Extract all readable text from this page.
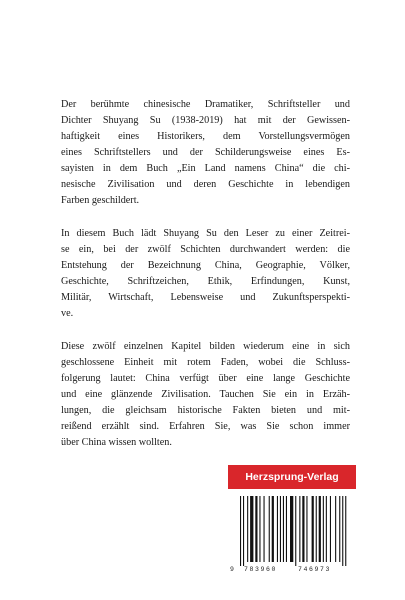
Der berühmte chinesische Dramatiker, Schriftsteller und
Dichter Shuyang Su (1938-2019) hat mit der Gewissen-
haftigkeit eines Historikers, dem Vorstellungsvermögen
eines Schriftstellers und der Schilderungsweise eines Es-
sayisten in dem Buch „Ein Land namens China“ die chi-
nesische Zivilisation und deren Geschichte in lebendigen
Farben geschildert.

In diesem Buch lädt Shuyang Su den Leser zu einer Zeitrei-
se ein, bei der zwölf Schichten durchwandert werden: die
Entstehung der Bezeichnung China, Geographie, Völker,
Geschichte, Schriftzeichen, Ethik, Erfindungen, Kunst,
Militär, Wirtschaft, Lebensweise und Zukunftsperspekti-
ve.

Diese zwölf einzelnen Kapitel bilden wiederum eine in sich
geschlossene Einheit mit rotem Faden, wobei die Schluss-
folgerung lautet: China verfügt über eine lange Geschichte
und eine glänzende Zivilisation. Tauchen Sie ein in Erzäh-
lungen, die gleichsam historische Fakten bieten und mit-
reißend erzählt sind. Erfahren Sie, was Sie schon immer
über China wissen wollten.

Herzsprung-Verlag
9 783960	746973
